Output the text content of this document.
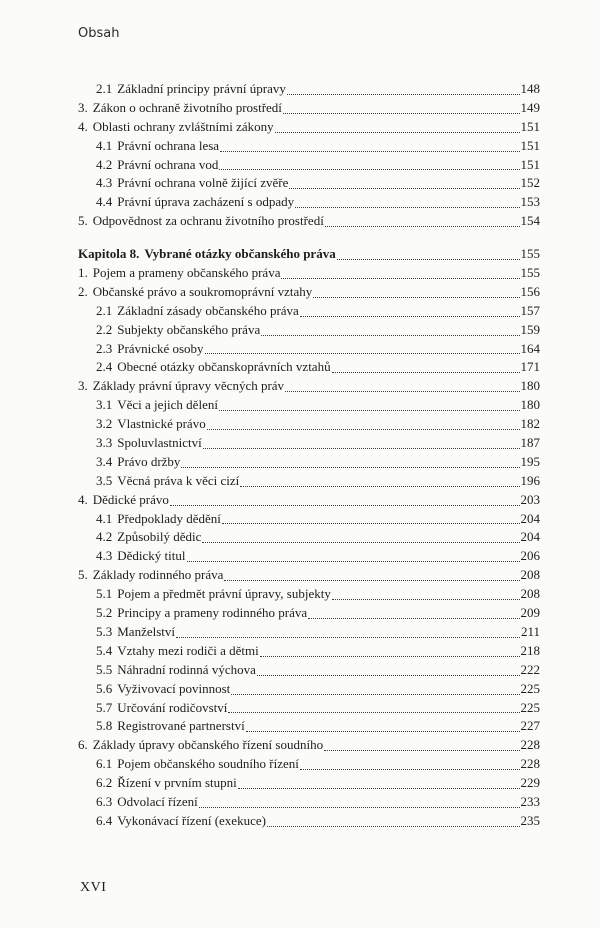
Obsah
2.1 Základní principy právní úpravy	148
3. Zákon o ochraně životního prostředí	149
4. Oblasti ochrany zvláštními zákony	151
4.1 Právní ochrana lesa	151
4.2 Právní ochrana vod	151
4.3 Právní ochrana volně žijící zvěře	152
4.4 Právní úprava zacházení s odpady	153
5. Odpovědnost za ochranu životního prostředí	154
Kapitola 8. Vybrané otázky občanského práva	155
1. Pojem a prameny občanského práva	155
2. Občanské právo a soukromoprávní vztahy	156
2.1 Základní zásady občanského práva	157
2.2 Subjekty občanského práva	159
2.3 Právnické osoby	164
2.4 Obecné otázky občanskoprávních vztahů	171
3. Základy právní úpravy věcných práv	180
3.1 Věci a jejich dělení	180
3.2 Vlastnické právo	182
3.3 Spoluvlastnictví	187
3.4 Právo držby	195
3.5 Věcná práva k věci cizí	196
4. Dědické právo	203
4.1 Předpoklady dědění	204
4.2 Způsobilý dědic	204
4.3 Dědický titul	206
5. Základy rodinného práva	208
5.1 Pojem a předmět právní úpravy, subjekty	208
5.2 Principy a prameny rodinného práva	209
5.3 Manželství	211
5.4 Vztahy mezi rodiči a dětmi	218
5.5 Náhradní rodinná výchova	222
5.6 Vyživovací povinnost	225
5.7 Určování rodičovství	225
5.8 Registrované partnerství	227
6. Základy úpravy občanského řízení soudního	228
6.1 Pojem občanského soudního řízení	228
6.2 Řízení v prvním stupni	229
6.3 Odvolací řízení	233
6.4 Vykonávací řízení (exekuce)	235
XVI
